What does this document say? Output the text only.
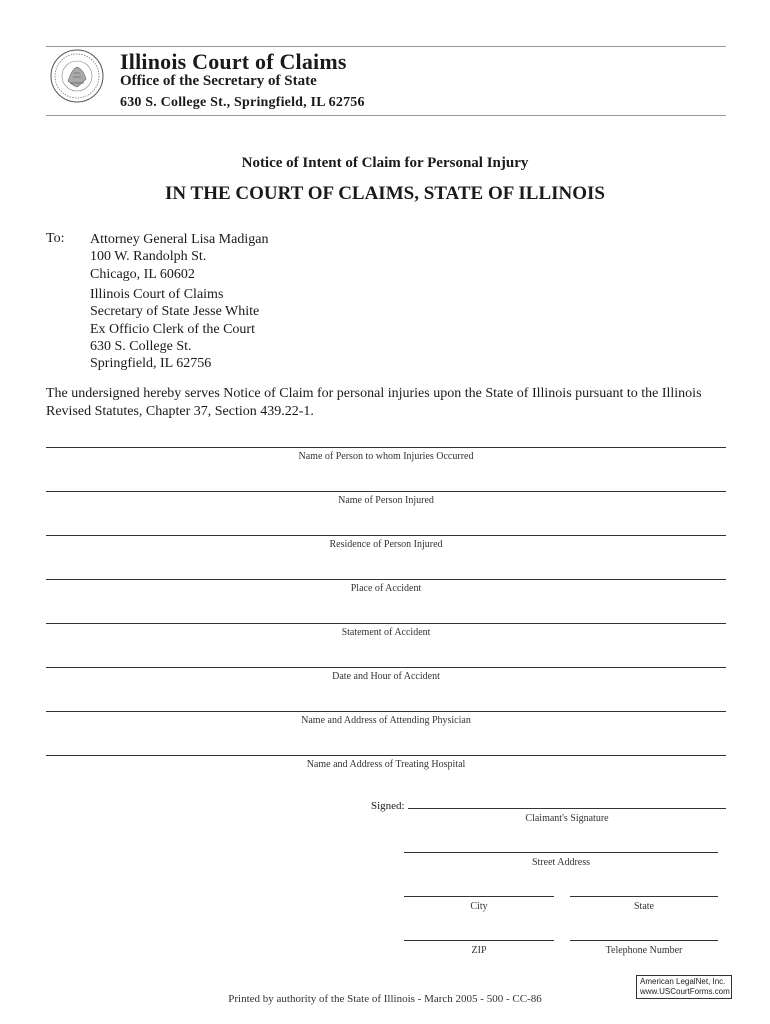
Illinois Court of Claims
Office of the Secretary of State
630 S. College St., Springfield, IL 62756
Notice of Intent of Claim for Personal Injury
IN THE COURT OF CLAIMS, STATE OF ILLINOIS
To: Attorney General Lisa Madigan
100 W. Randolph St.
Chicago, IL 60602
Illinois Court of Claims
Secretary of State Jesse White
Ex Officio Clerk of the Court
630 S. College St.
Springfield, IL 62756
The undersigned hereby serves Notice of Claim for personal injuries upon the State of Illinois pursuant to the Illinois Revised Statutes, Chapter 37, Section 439.22-1.
Name of Person to whom Injuries Occurred
Name of Person Injured
Residence of Person Injured
Place of Accident
Statement of Accident
Date and Hour of Accident
Name and Address of Attending Physician
Name and Address of Treating Hospital
Signed:
Claimant's Signature
Street Address
City	State
ZIP	Telephone Number
American LegalNet, Inc.
www.USCourtForms.com
Printed by authority of the State of Illinois - March 2005 - 500 - CC-86
